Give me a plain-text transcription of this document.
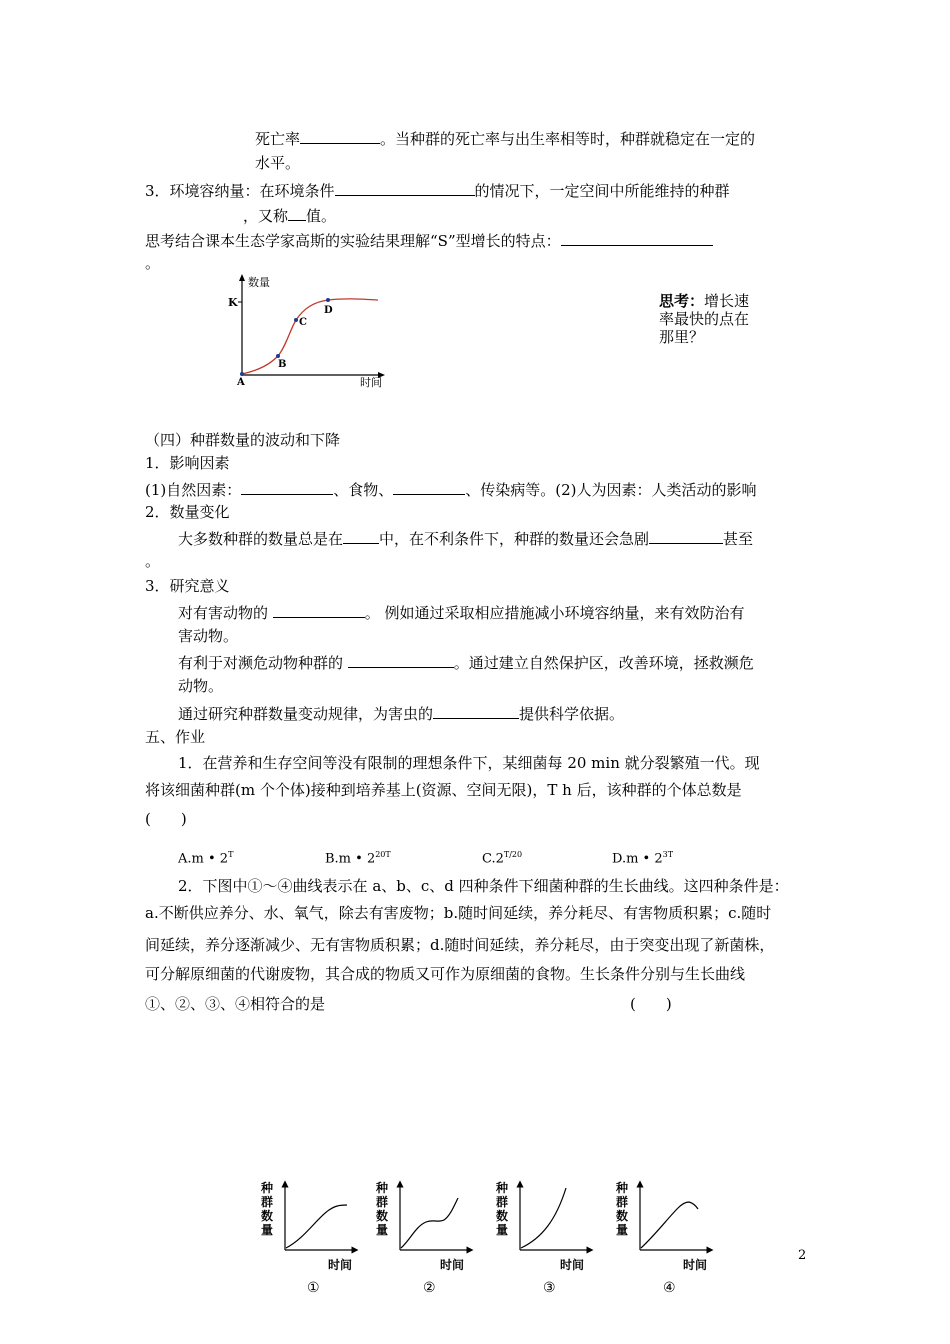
死亡率	。当种群的死亡率与出生率相等时，种群就稳定在一定的
水平。
3．环境容纳量：在环境条件	的情况下，一定空间中所能维持的种群
，又称 值。
思考结合课本生态学家高斯的实验结果理解“S”型增长的特点：
。
数量
时间
K
A
B
C
D
思考：增长速
率最快的点在
那里？
（四）种群数量的波动和下降
1．影响因素
(1)自然因素：	、食物、	、传染病等。(2)人为因素：人类活动的影响
2．数量变化
大多数种群的数量总是在 中，在不利条件下，种群的数量还会急剧	甚至
。
3．研究意义
对有害动物的	。 例如通过采取相应措施减小环境容纳量，来有效防治有
害动物。
有利于对濒危动物种群的	。通过建立自然保护区，改善环境，拯救濒危
动物。
通过研究种群数量变动规律，为害虫的	提供科学依据。
五、作业
1．在营养和生存空间等没有限制的理想条件下，某细菌每 20 min 就分裂繁殖一代。现
将该细菌种群(m 个个体)接种到培养基上(资源、空间无限)，T h 后，该种群的个体总数是
(　　)
A.m • $2^T$	B.m • $2^{20T}$	$C.2^{T/20}$	D.m • $2^{3T}$
2．下图中①～④曲线表示在 a、b、c、d 四种条件下细菌种群的生长曲线。这四种条件是：
a.不断供应养分、水、氧气，除去有害废物；b.随时间延续，养分耗尽、有害物质积累；c.随时
间延续，养分逐渐减少、无有害物质积累；d.随时间延续，养分耗尽，由于突变出现了新菌株，
可分解原细菌的代谢废物，其合成的物质又可作为原细菌的食物。生长条件分别与生长曲线
①、②、③、④相符合的是	(　　)
种
群
数
量
时间
①
种
群
数
量
时间
②
种
群
数
量
时间
③
种
群
数
量
时间
④
2
